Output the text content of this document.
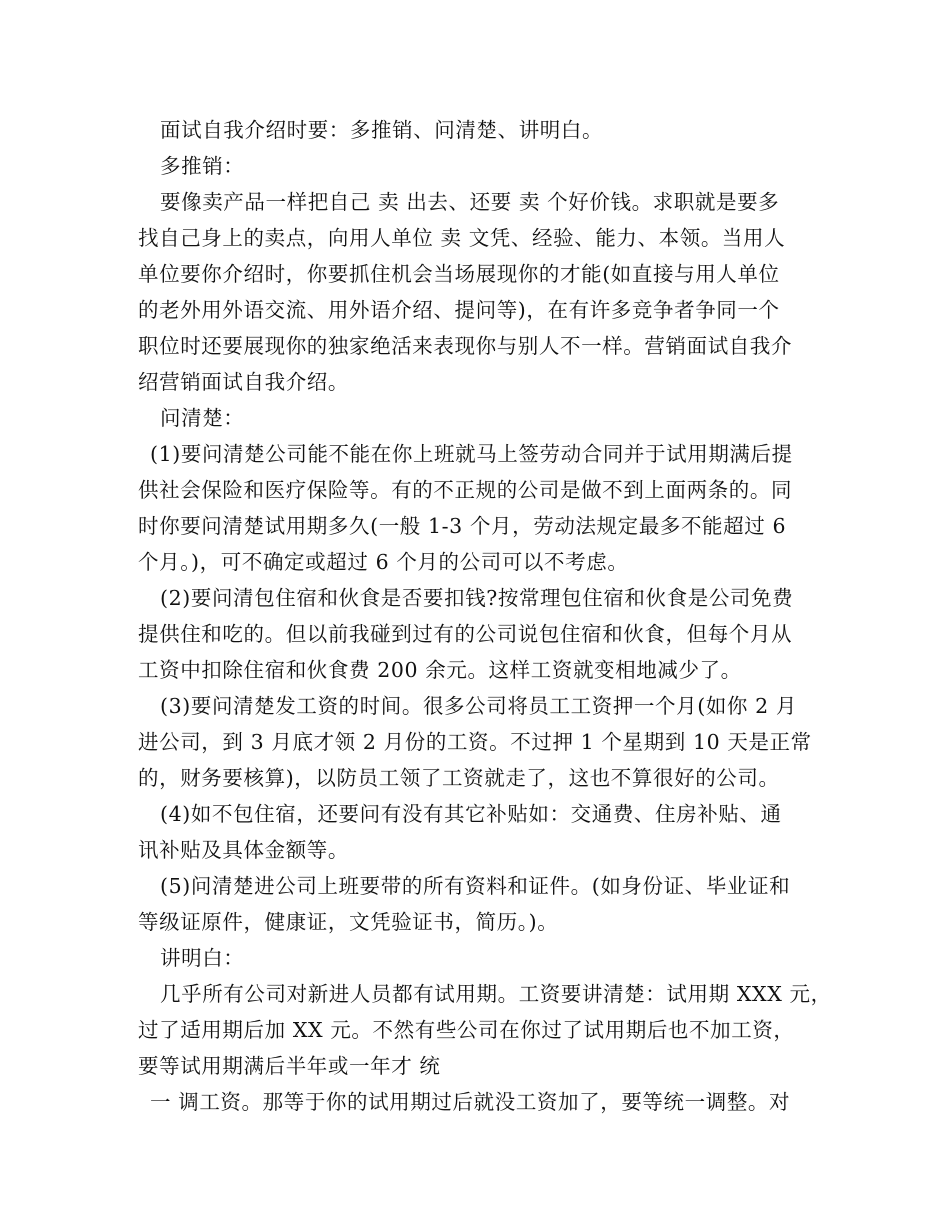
面试自我介绍时要：多推销、问清楚、讲明白。
多推销：
要像卖产品一样把自己 卖 出去、还要 卖 个好价钱。求职就是要多
找自己身上的卖点，向用人单位 卖 文凭、经验、能力、本领。当用人
单位要你介绍时，你要抓住机会当场展现你的才能(如直接与用人单位
的老外用外语交流、用外语介绍、提问等)，在有许多竞争者争同一个
职位时还要展现你的独家绝活来表现你与别人不一样。营销面试自我介
绍营销面试自我介绍。
问清楚：
(1)要问清楚公司能不能在你上班就马上签劳动合同并于试用期满后提
供社会保险和医疗保险等。有的不正规的公司是做不到上面两条的。同
时你要问清楚试用期多久(一般 1-3 个月，劳动法规定最多不能超过 6
个月。)，可不确定或超过 6 个月的公司可以不考虑。
(2)要问清包住宿和伙食是否要扣钱?按常理包住宿和伙食是公司免费
提供住和吃的。但以前我碰到过有的公司说包住宿和伙食，但每个月从
工资中扣除住宿和伙食费 200 余元。这样工资就变相地减少了。
(3)要问清楚发工资的时间。很多公司将员工工资押一个月(如你 2 月
进公司，到 3 月底才领 2 月份的工资。不过押 1 个星期到 10 天是正常
的，财务要核算)，以防员工领了工资就走了，这也不算很好的公司。
(4)如不包住宿，还要问有没有其它补贴如：交通费、住房补贴、通
讯补贴及具体金额等。
(5)问清楚进公司上班要带的所有资料和证件。(如身份证、毕业证和
等级证原件，健康证，文凭验证书，简历。)。
讲明白：
几乎所有公司对新进人员都有试用期。工资要讲清楚：试用期 XXX 元，
过了适用期后加 XX 元。不然有些公司在你过了试用期后也不加工资，
要等试用期满后半年或一年才 统
一 调工资。那等于你的试用期过后就没工资加了，要等统一调整。对
